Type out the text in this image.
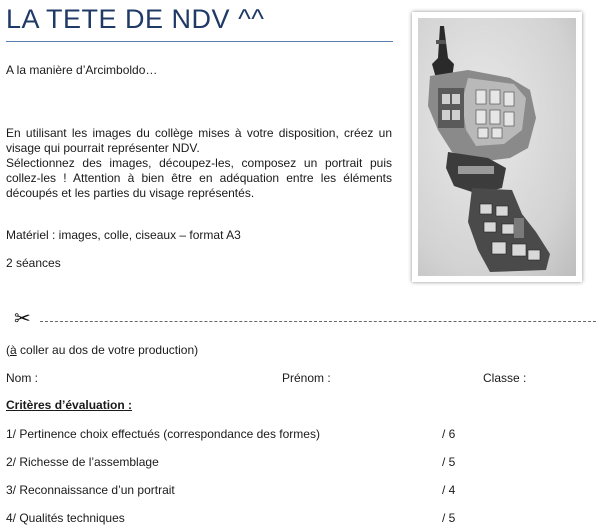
LA TETE DE NDV ^^
A la manière d’Arcimboldo…
En utilisant les images du collège mises à votre disposition, créez un visage qui pourrait représenter NDV.
Sélectionnez des images, découpez-les, composez un portrait puis collez-les ! Attention à bien être en adéquation entre les éléments découpés et les parties du visage représentés.
Matériel : images, colle, ciseaux – format A3
2 séances
✂
(à coller au dos de votre production)
Nom :	Prénom :	Classe :
Critères d’évaluation :
1/ Pertinence choix effectués (correspondance des formes)	/ 6
2/ Richesse de l’assemblage	/ 5
3/ Reconnaissance d’un portrait	/ 4
4/ Qualités techniques	/ 5
